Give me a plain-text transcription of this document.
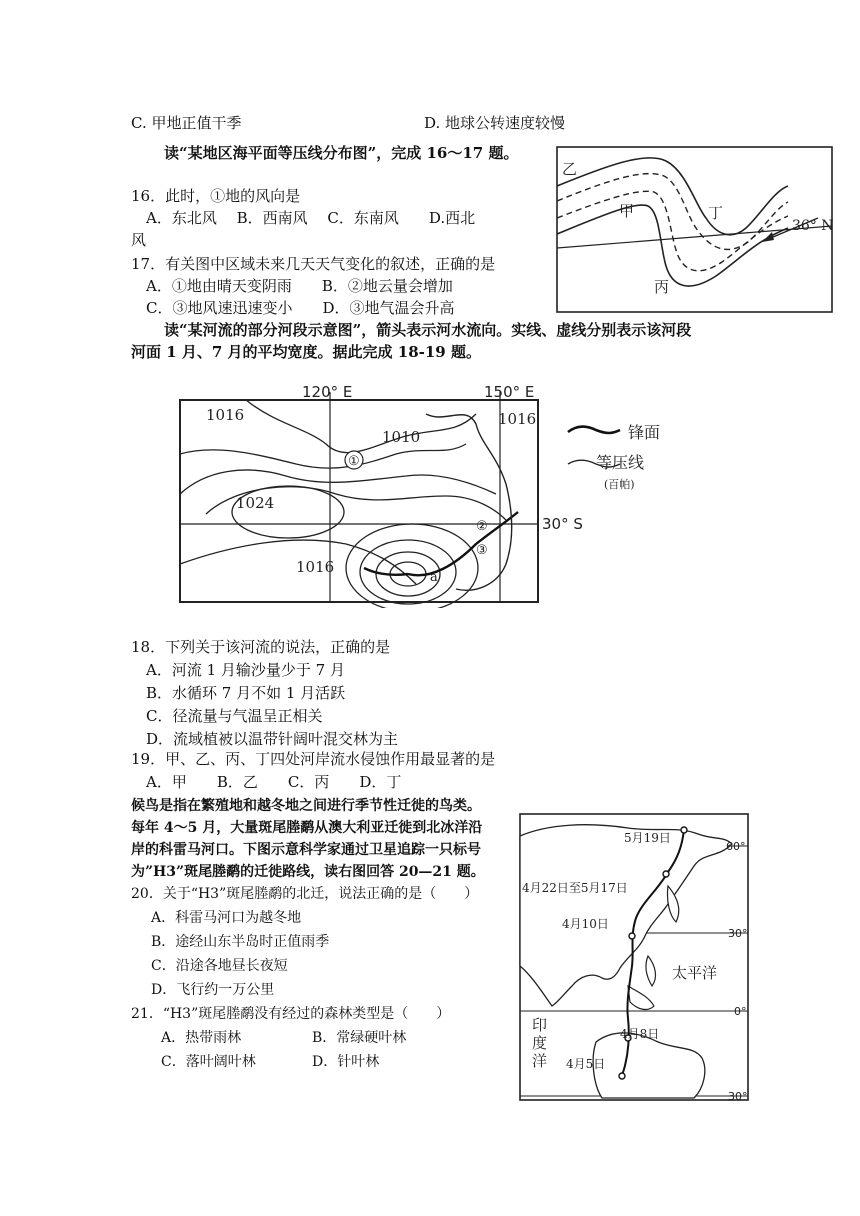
C. 甲地正值干季	D. 地球公转速度较慢
读“某地区海平面等压线分布图”，完成 16～17 题。
16．此时，①地的风向是
A．东北风　 B．西南风　 C．东南风　　D.西北
风
17．有关图中区域未来几天天气变化的叙述，正确的是
A．①地由晴天变阴雨　　B．②地云量会增加
C．③地风速迅速变小　　D．③地气温会升高
读“某河流的部分河段示意图”，箭头表示河水流向。实线、虚线分别表示该河段
河面 1 月、7 月的平均宽度。据此完成 18-19 题。
18．下列关于该河流的说法，正确的是
A．河流 1 月输沙量少于 7 月
B．水循环 7 月不如 1 月活跃
C．径流量与气温呈正相关
D．流域植被以温带针阔叶混交林为主
19．甲、乙、丙、丁四处河岸流水侵蚀作用最显著的是
A．甲　　B．乙　　C．丙　　D．丁
候鸟是指在繁殖地和越冬地之间进行季节性迁徙的鸟类。
每年 4～5 月，大量斑尾塍鹬从澳大利亚迁徙到北冰洋沿
岸的科雷马河口。下图示意科学家通过卫星追踪一只标号
为”H3”斑尾塍鹬的迁徙路线，读右图回答 20—21 题。
20．关于“H3”斑尾塍鹬的北迁，说法正确的是（　　）
A．科雷马河口为越冬地
B．途经山东半岛时正值雨季
C．沿途各地昼长夜短
D．飞行约一万公里
21．“H3”斑尾塍鹬没有经过的森林类型是（　　）
A．热带雨林	B．常绿硬叶林
C．落叶阔叶林	D．针叶林
乙
甲	丁
丙
36° N
①
②
③
a
1016
1010
1016
1024
1016
120° E	150° E
30° S
锋面
等压线
(百帕)
5月19日
4月22日至5月17日
4月10日
4月8日
4月5日
太平洋
印
度
洋
60°
30°
0°
30°
